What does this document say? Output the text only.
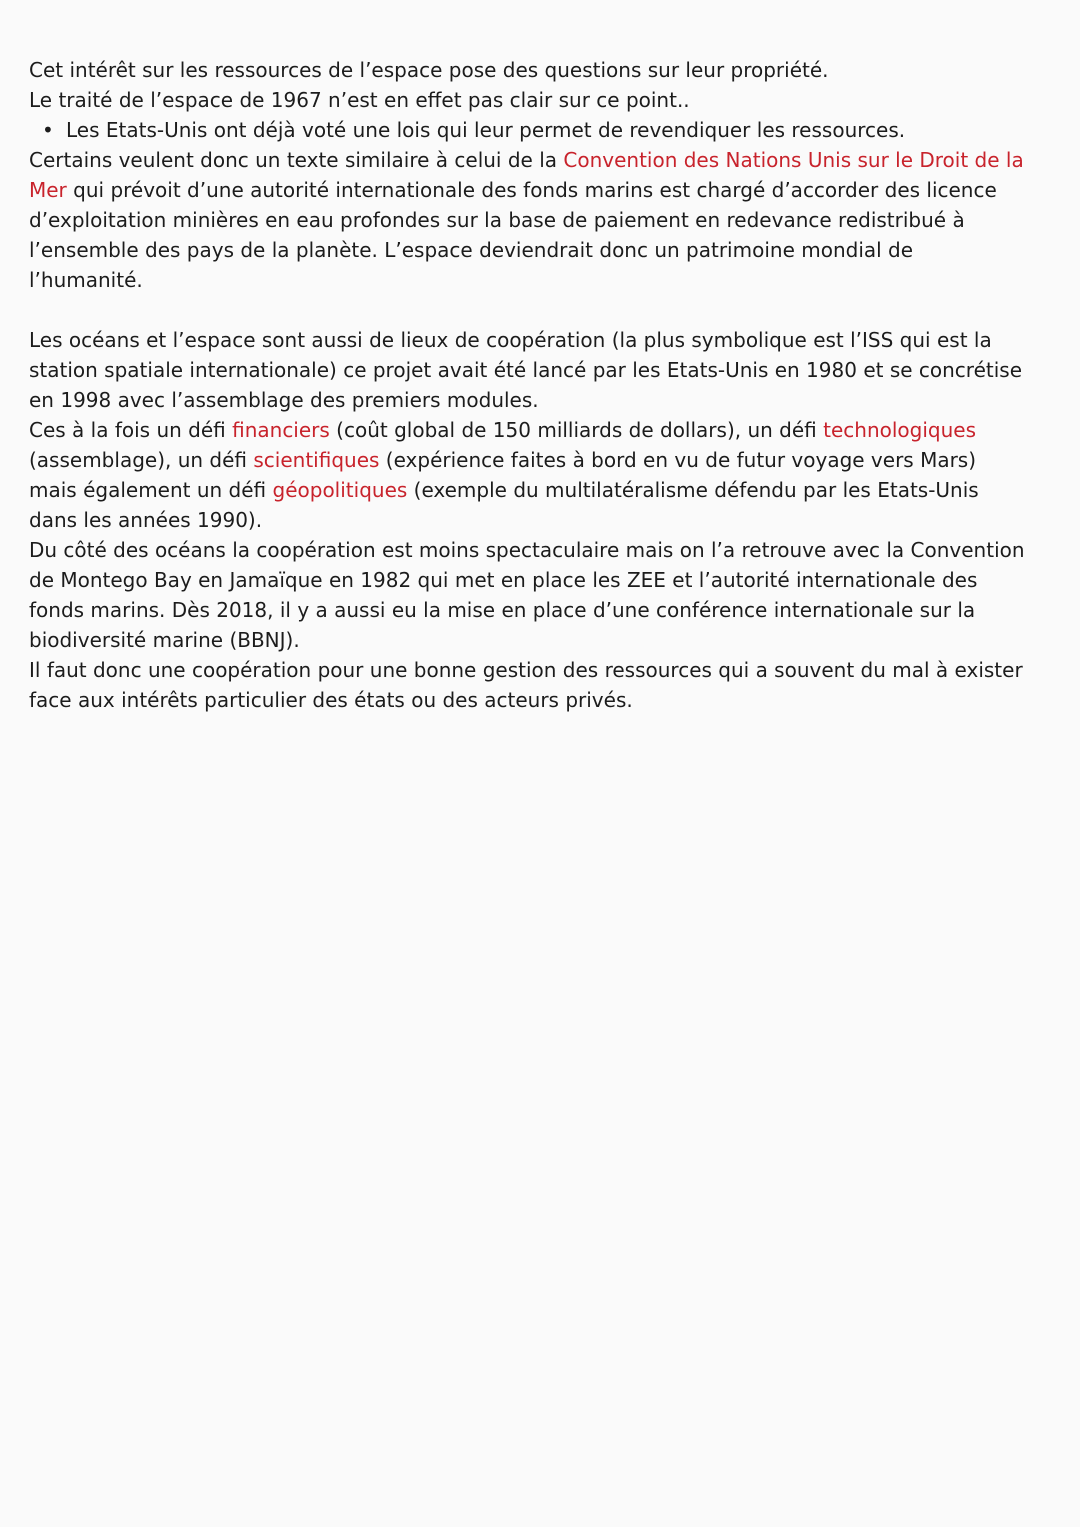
Cet intérêt sur les ressources de l’espace pose des questions sur leur propriété.

Le traité de l’espace de 1967 n’est en effet pas clair sur ce point..

• Les Etats-Unis ont déjà voté une lois qui leur permet de revendiquer les ressources.

Certains veulent donc un texte similaire à celui de la Convention des Nations Unis sur le Droit de la Mer qui prévoit d’une autorité internationale des fonds marins est chargé d’accorder des licence d’exploitation minières en eau profondes sur la base de paiement en redevance redistribué à l’ensemble des pays de la planète. L’espace deviendrait donc un patrimoine mondial de l’humanité.

Les océans et l’espace sont aussi de lieux de coopération (la plus symbolique est l’ISS qui est la station spatiale internationale) ce projet avait été lancé par les Etats-Unis en 1980 et se concrétise en 1998 avec l’assemblage des premiers modules.

Ces à la fois un défi financiers (coût global de 150 milliards de dollars), un défi technologiques (assemblage), un défi scientifiques (expérience faites à bord en vu de futur voyage vers Mars) mais également un défi géopolitiques (exemple du multilatéralisme défendu par les Etats-Unis dans les années 1990).

Du côté des océans la coopération est moins spectaculaire mais on l’a retrouve avec la Convention de Montego Bay en Jamaïque en 1982 qui met en place les ZEE et l’autorité internationale des fonds marins. Dès 2018, il y a aussi eu la mise en place d’une conférence internationale sur la biodiversité marine (BBNJ).

Il faut donc une coopération pour une bonne gestion des ressources qui a souvent du mal à exister face aux intérêts particulier des états ou des acteurs privés.
